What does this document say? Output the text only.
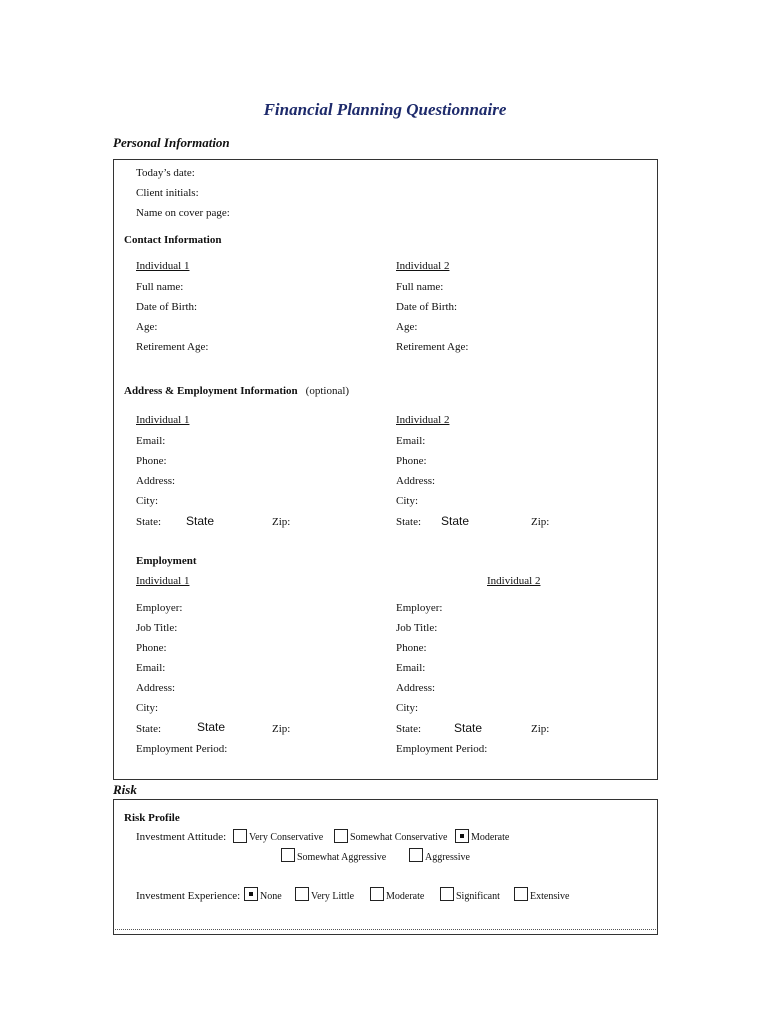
Financial Planning Questionnaire
Personal Information
Today’s date:
Client initials:
Name on cover page:
Contact Information
Individual 1	Individual 2
Full name:	Full name:
Date of Birth:	Date of Birth:
Age:	Age:
Retirement Age:	Retirement Age:
Address & Employment Information (optional)
Individual 1	Individual 2
Email:	Email:
Phone:	Phone:
Address:	Address:
City:	City:
State: State	Zip:	State: State	Zip:
Employment
Individual 1	Individual 2
Employer:	Employer:
Job Title:	Job Title:
Phone:	Phone:
Email:	Email:
Address:	Address:
City:	City:
State:	State	Zip:	State:	State	Zip:
Employment Period:	Employment Period:
Risk
Risk Profile
Investment Attitude: Very Conservative	Somewhat Conservative Moderate
Somewhat Aggressive	Aggressive
Investment Experience: None	Very Little	Moderate	Significant	Extensive
